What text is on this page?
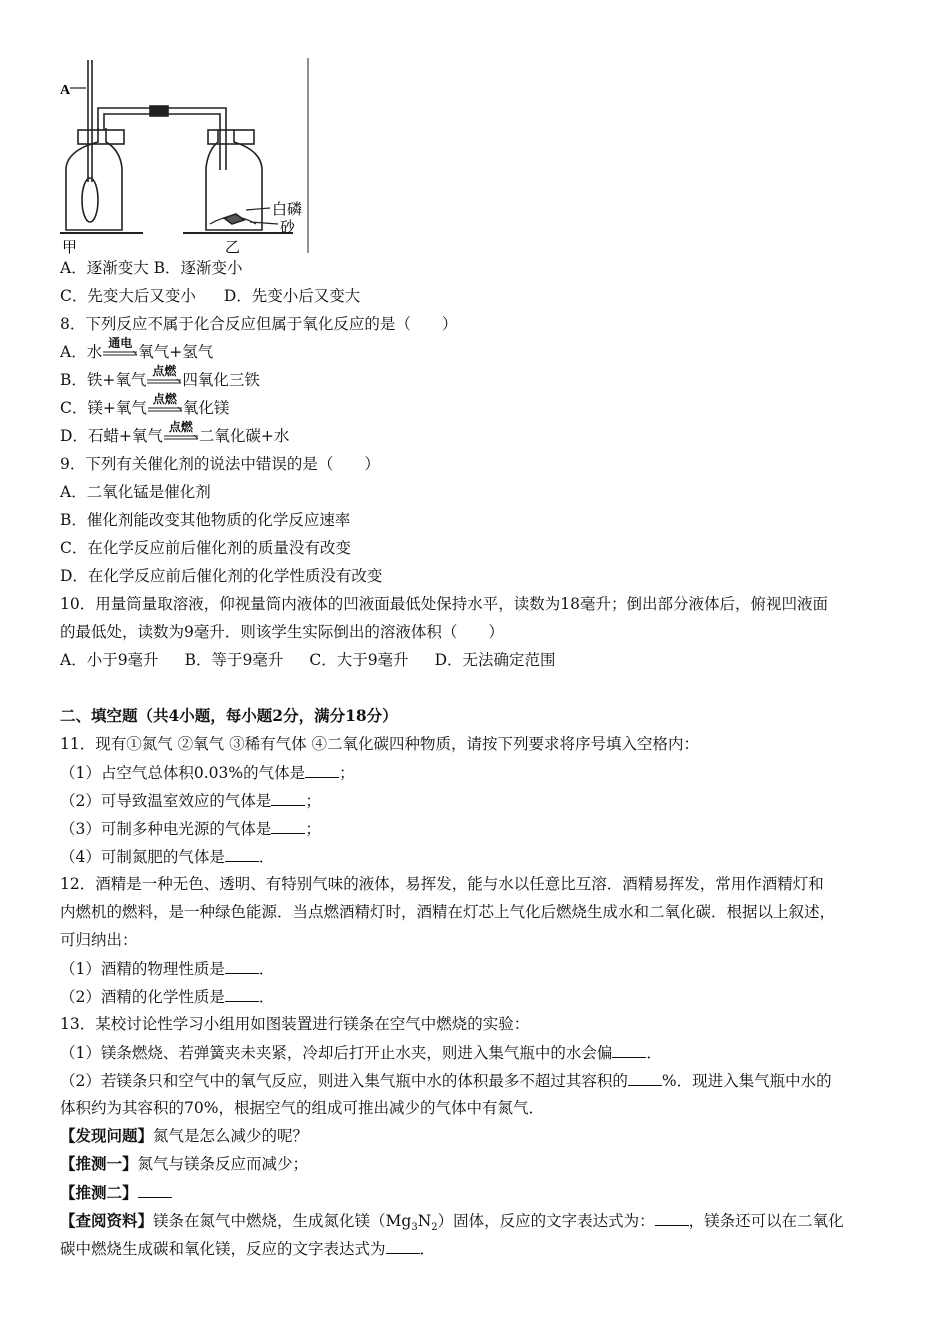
A
甲	乙
白磷
砂
A．逐渐变大 B．逐渐变小
C．先变大后又变小 D．先变小后又变大
8．下列反应不属于化合反应但属于氧化反应的是（　　）
A．水 通电 氧气+氢气
B．铁+氧气 点燃 四氧化三铁
C．镁+氧气 点燃 氧化镁
D．石蜡+氧气 点燃 二氧化碳+水
9．下列有关催化剂的说法中错误的是（　　）
A．二氧化锰是催化剂
B．催化剂能改变其他物质的化学反应速率
C．在化学反应前后催化剂的质量没有改变
D．在化学反应前后催化剂的化学性质没有改变
10．用量筒量取溶液，仰视量筒内液体的凹液面最低处保持水平，读数为18毫升；倒出部分液体后，俯视凹液面
的最低处，读数为9毫升．则该学生实际倒出的溶液体积（　　）
A．小于9毫升 B．等于9毫升 C．大于9毫升 D．无法确定范围
二、填空题（共4小题，每小题2分，满分18分）
11．现有①氮气 ②氧气 ③稀有气体 ④二氧化碳四种物质，请按下列要求将序号填入空格内：
（1）占空气总体积0.03%的气体是 ；
（2）可导致温室效应的气体是 ；
（3）可制多种电光源的气体是 ；
（4）可制氮肥的气体是 ．
12．酒精是一种无色、透明、有特别气味的液体，易挥发，能与水以任意比互溶．酒精易挥发，常用作酒精灯和
内燃机的燃料，是一种绿色能源．当点燃酒精灯时，酒精在灯芯上气化后燃烧生成水和二氧化碳．根据以上叙述，
可归纳出：
（1）酒精的物理性质是 ．
（2）酒精的化学性质是 ．
13．某校讨论性学习小组用如图装置进行镁条在空气中燃烧的实验：
（1）镁条燃烧、若弹簧夹未夹紧，冷却后打开止水夹，则进入集气瓶中的水会偏 ．
（2）若镁条只和空气中的氧气反应，则进入集气瓶中水的体积最多不超过其容积的 %．现进入集气瓶中水的
体积约为其容积的70%，根据空气的组成可推出减少的气体中有氮气．
【发现问题】氮气是怎么减少的呢？
【推测一】氮气与镁条反应而减少；
【推测二】
【查阅资料】镁条在氮气中燃烧，生成氮化镁$(Mg_3N_2)$固体，反应的文字表达式为： ，镁条还可以在二氧化
碳中燃烧生成碳和氧化镁，反应的文字表达式为 ．
